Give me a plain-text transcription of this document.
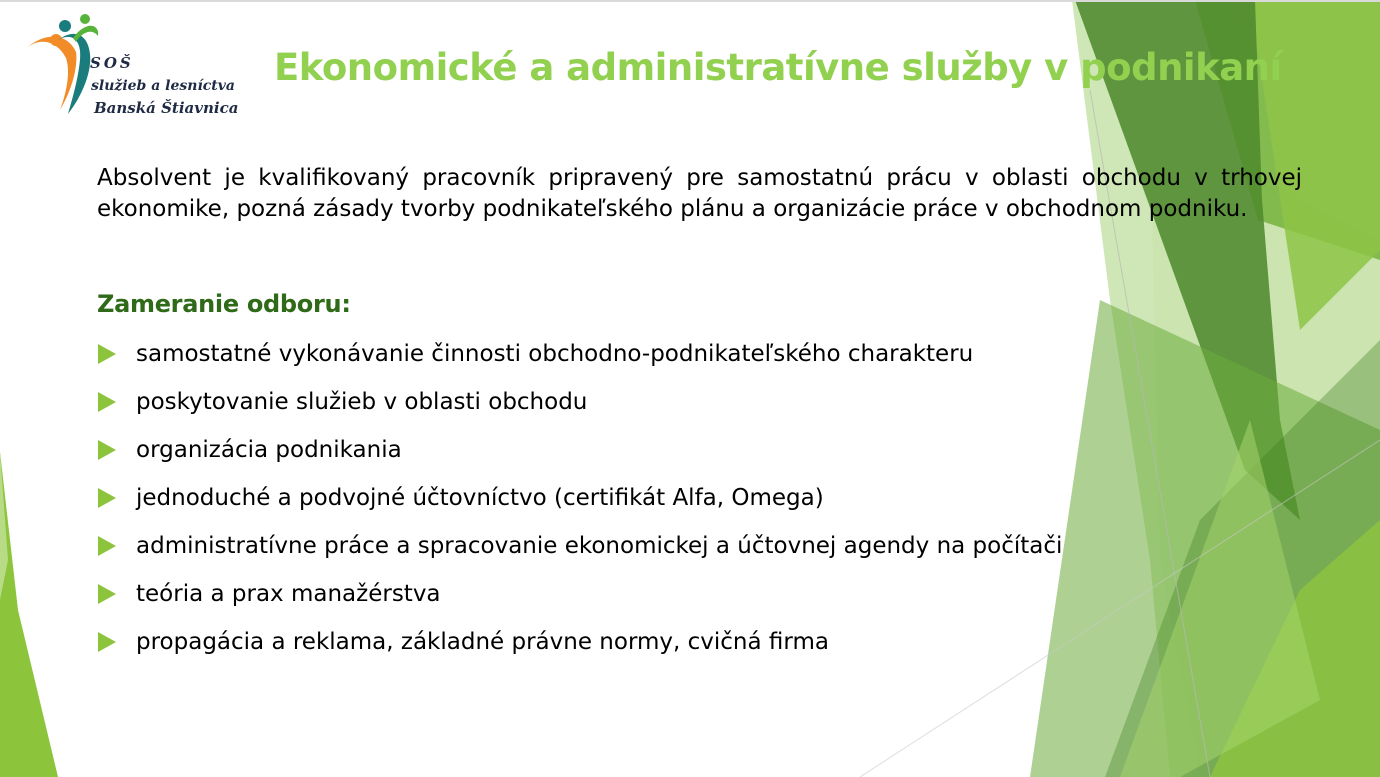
SOŠ
služieb a lesníctva
Banská Štiavnica
Ekonomické a administratívne služby v podnikaní

Absolvent je kvalifikovaný pracovník pripravený pre samostatnú prácu v oblasti obchodu v trhovej ekonomike, pozná zásady tvorby podnikateľského plánu a organizácie práce v obchodnom podniku.

Zameranie odboru:
samostatné vykonávanie činnosti obchodno-podnikateľského charakteru
poskytovanie služieb v oblasti obchodu
organizácia podnikania
jednoduché a podvojné účtovníctvo (certifikát Alfa, Omega)
administratívne práce a spracovanie ekonomickej a účtovnej agendy na počítači
teória a prax manažérstva
propagácia a reklama, základné právne normy, cvičná firma
